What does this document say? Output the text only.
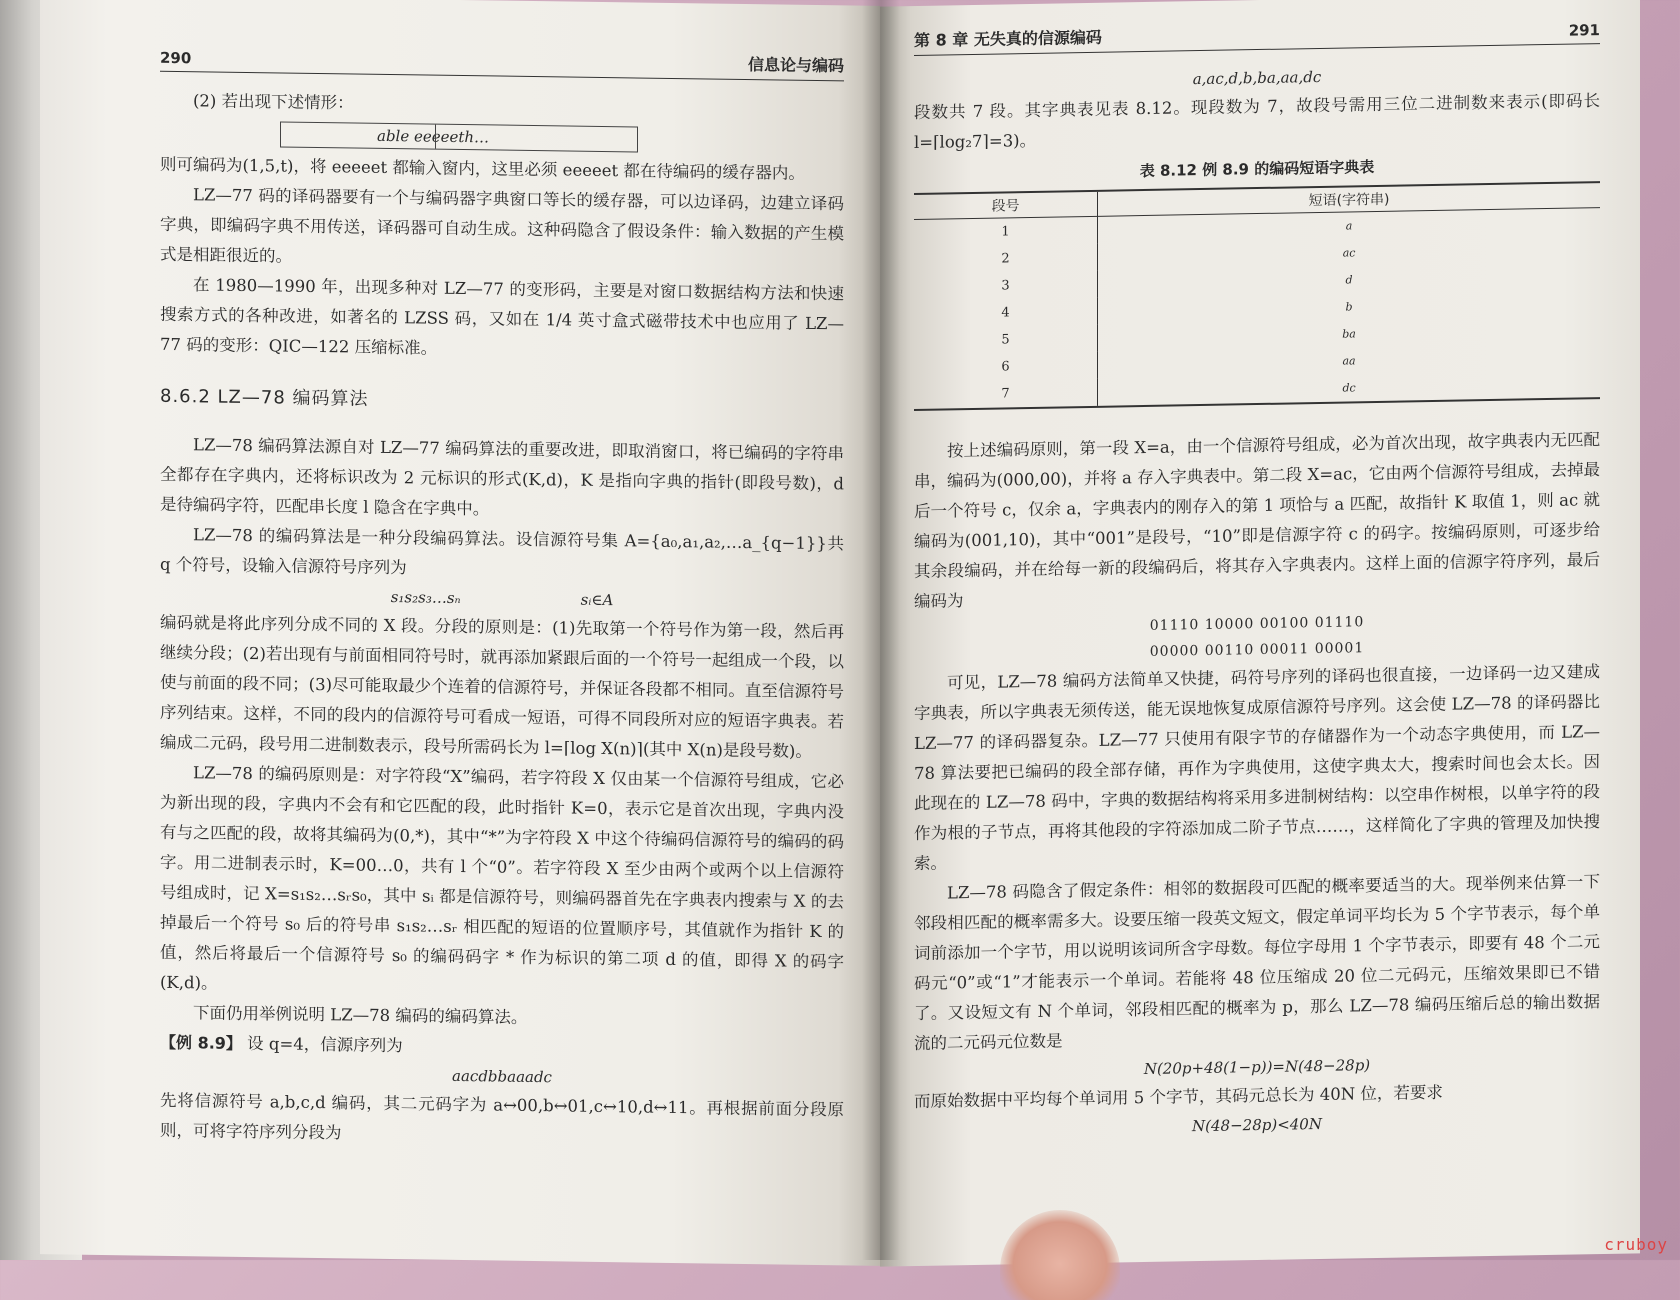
290	信息论与编码

(2) 若出现下述情形：

able eeeeeth…

则可编码为(1,5,t)，将 eeeeet 都输入窗内，这里必须 eeeeet 都在待编码的缓存器内。

LZ—77 码的译码器要有一个与编码器字典窗口等长的缓存器，可以边译码，边建立译码字典，即编码字典不用传送，译码器可自动生成。这种码隐含了假设条件：输入数据的产生模式是相距很近的。

在 1980—1990 年，出现多种对 LZ—77 的变形码，主要是对窗口数据结构方法和快速搜索方式的各种改进，如著名的 LZSS 码，又如在 1/4 英寸盒式磁带技术中也应用了 LZ—77 码的变形：QIC—122 压缩标准。

8.6.2 LZ—78 编码算法

LZ—78 编码算法源自对 LZ—77 编码算法的重要改进，即取消窗口，将已编码的字符串全都存在字典内，还将标识改为 2 元标识的形式(K,d)，K 是指向字典的指针(即段号数)，d 是待编码字符，匹配串长度 l 隐含在字典中。

LZ—78 的编码算法是一种分段编码算法。设信源符号集 A={a₀,a₁,a₂,…a_{q−1}}共 q 个符号，设输入信源符号序列为

s₁s₂s₃…sₙ	sᵢ∈A

编码就是将此序列分成不同的 X 段。分段的原则是：(1)先取第一个符号作为第一段，然后再继续分段；(2)若出现有与前面相同符号时，就再添加紧跟后面的一个符号一起组成一个段，以使与前面的段不同；(3)尽可能取最少个连着的信源符号，并保证各段都不相同。直至信源符号序列结束。这样，不同的段内的信源符号可看成一短语，可得不同段所对应的短语字典表。若编成二元码，段号用二进制数表示，段号所需码长为 l=⌈log X(n)⌉(其中 X(n)是段号数)。

LZ—78 的编码原则是：对字符段“X”编码，若字符段 X 仅由某一个信源符号组成，它必为新出现的段，字典内不会有和它匹配的段，此时指针 K=0，表示它是首次出现，字典内没有与之匹配的段，故将其编码为(0,*)，其中“*”为字符段 X 中这个待编码信源符号的编码的码字。用二进制表示时，K=00…0，共有 l 个“0”。若字符段 X 至少由两个或两个以上信源符号组成时，记 X=s₁s₂…sᵣs₀，其中 sᵢ 都是信源符号，则编码器首先在字典表内搜索与 X 的去掉最后一个符号 s₀ 后的符号串 s₁s₂…sᵣ 相匹配的短语的位置顺序号，其值就作为指针 K 的值，然后将最后一个信源符号 s₀ 的编码码字 * 作为标识的第二项 d 的值，即得 X 的码字(K,d)。

下面仍用举例说明 LZ—78 编码的编码算法。

【例 8.9】 设 q=4，信源序列为

aacdbbaaadc

先将信源符号 a,b,c,d 编码，其二元码字为 a↔00,b↔01,c↔10,d↔11。再根据前面分段原则，可将字符序列分段为

第 8 章 无失真的信源编码	291
a,ac,d,b,ba,aa,dc

段数共 7 段。其字典表见表 8.12。现段数为 7，故段号需用三位二进制数来表示(即码长 l=⌈log₂7⌉=3)。

表 8.12 例 8.9 的编码短语字典表
段号	短语(字符串)
1	a
2	ac
3	d
4	b
5	ba
6	aa
7	dc

按上述编码原则，第一段 X=a，由一个信源符号组成，必为首次出现，故字典表内无匹配串，编码为(000,00)，并将 a 存入字典表中。第二段 X=ac，它由两个信源符号组成，去掉最后一个符号 c，仅余 a，字典表内的刚存入的第 1 项恰与 a 匹配，故指针 K 取值 1，则 ac 就编码为(001,10)，其中“001”是段号，“10”即是信源字符 c 的码字。按编码原则，可逐步给其余段编码，并在给每一新的段编码后，将其存入字典表内。这样上面的信源字符序列，最后编码为

01110 10000 00100 01110
00000 00110 00011 00001

可见，LZ—78 编码方法简单又快捷，码符号序列的译码也很直接，一边译码一边又建成字典表，所以字典表无须传送，能无误地恢复成原信源符号序列。这会使 LZ—78 的译码器比 LZ—77 的译码器复杂。LZ—77 只使用有限字节的存储器作为一个动态字典使用，而 LZ—78 算法要把已编码的段全部存储，再作为字典使用，这使字典太大，搜索时间也会太长。因此现在的 LZ—78 码中，字典的数据结构将采用多进制树结构：以空串作树根，以单字符的段作为根的子节点，再将其他段的字符添加成二阶子节点……，这样简化了字典的管理及加快搜索。

LZ—78 码隐含了假定条件：相邻的数据段可匹配的概率要适当的大。现举例来估算一下邻段相匹配的概率需多大。设要压缩一段英文短文，假定单词平均长为 5 个字节表示，每个单词前添加一个字节，用以说明该词所含字母数。每位字母用 1 个字节表示，即要有 48 个二元码元“0”或“1”才能表示一个单词。若能将 48 位压缩成 20 位二元码元，压缩效果即已不错了。又设短文有 N 个单词，邻段相匹配的概率为 p，那么 LZ—78 编码压缩后总的输出数据流的二元码元位数是

N(20p+48(1−p))=N(48−28p)

而原始数据中平均每个单词用 5 个字节，其码元总长为 40N 位，若要求

N(48−28p)<40N
cruboy
